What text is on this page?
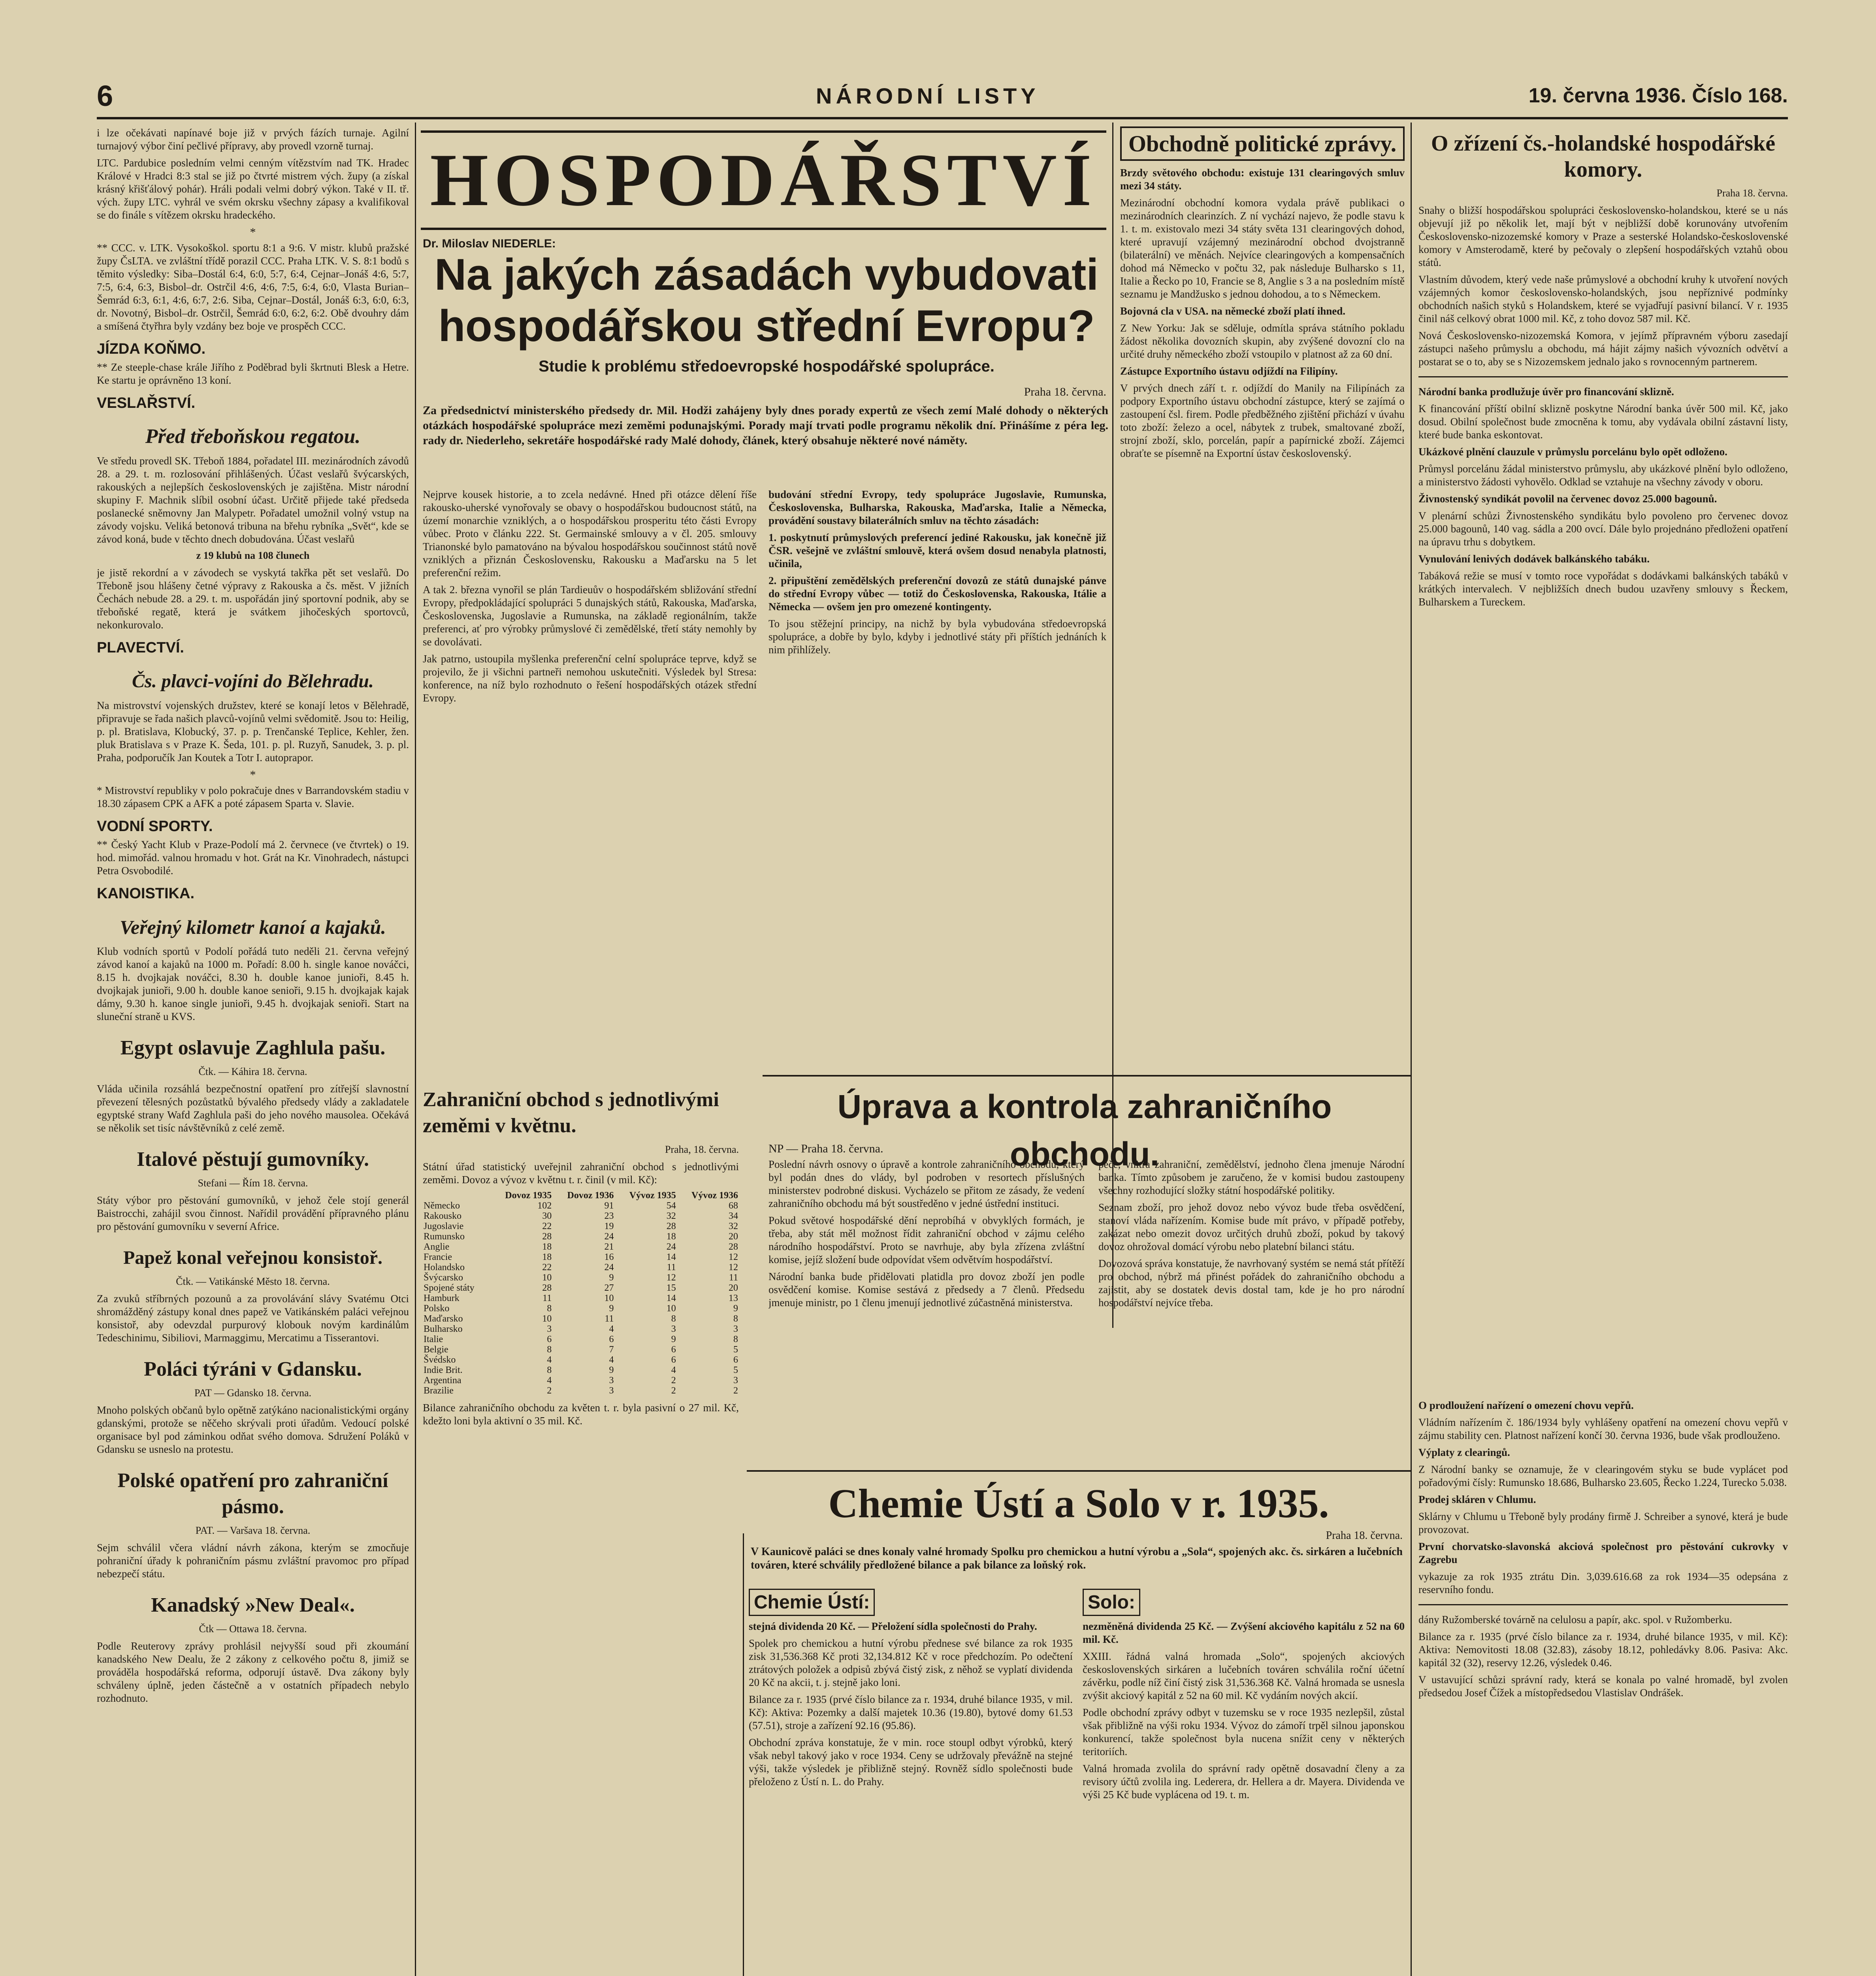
6	NÁRODNÍ LISTY	19. června 1936. Číslo 168.

i lze očekávati napínavé boje již v prvých fázích turnaje. Agilní turnajový výbor činí pečlivé přípravy, aby provedl vzorně turnaj.

LTC. Pardubice posledním velmi cenným vítězstvím nad TK. Hradec Králové v Hradci 8:3 stal se již po čtvrté mistrem vých. župy (a získal krásný křišťálový pohár). Hráli podali velmi dobrý výkon. Také v II. tř. vých. župy LTC. vyhrál ve svém okrsku všechny zápasy a kvalifikoval se do finále s vítězem okrsku hradeckého.

*

** CCC. v. LTK. Vysokoškol. sportu 8:1 a 9:6. V mistr. klubů pražské župy ČsLTA. ve zvláštní třídě porazil CCC. Praha LTK. V. S. 8:1 bodů s těmito výsledky: Siba–Dostál 6:4, 6:0, 5:7, 6:4, Cejnar–Jonáš 4:6, 5:7, 7:5, 6:4, 6:3, Bisbol–dr. Ostrčil 4:6, 4:6, 7:5, 6:4, 6:0, Vlasta Burian–Šemrád 6:3, 6:1, 4:6, 6:7, 2:6. Siba, Cejnar–Dostál, Jonáš 6:3, 6:0, 6:3, dr. Novotný, Bisbol–dr. Ostrčil, Šemrád 6:0, 6:2, 6:2. Obě dvouhry dám a smíšená čtyřhra byly vzdány bez boje ve prospěch CCC.

JÍZDA KOŇMO.

** Ze steeple-chase krále Jiřího z Poděbrad byli škrtnuti Blesk a Hetre. Ke startu je oprávněno 13 koní.

VESLAŘSTVÍ.
Před třeboňskou regatou.

Ve středu provedl SK. Třeboň 1884, pořadatel III. mezinárodních závodů 28. a 29. t. m. rozlosování přihlášených. Účast veslařů švýcarských, rakouských a nejlepších československých je zajištěna. Mistr národní skupiny F. Machnik slíbil osobní účast. Určitě přijede také předseda poslanecké sněmovny Jan Malypetr. Pořadatel umožnil volný vstup na závody vojsku. Veliká betonová tribuna na břehu rybníka „Svět“, kde se závod koná, bude v těchto dnech dobudována. Účast veslařů

z 19 klubů na 108 člunech

je jistě rekordní a v závodech se vyskytá takřka pět set veslařů. Do Třeboně jsou hlášeny četné výpravy z Rakouska a čs. měst. V jižních Čechách nebude 28. a 29. t. m. uspořádán jiný sportovní podnik, aby se třeboňské regatě, která je svátkem jihočeských sportovců, nekonkurovalo.

PLAVECTVÍ.
Čs. plavci-vojíni do Bělehradu.

Na mistrovství vojenských družstev, které se konají letos v Bělehradě, připravuje se řada našich plavců-vojínů velmi svědomitě. Jsou to: Heilig, p. pl. Bratislava, Klobucký, 37. p. p. Trenčanské Teplice, Kehler, žen. pluk Bratislava s v Praze K. Šeda, 101. p. pl. Ruzyň, Sanudek, 3. p. pl. Praha, podporučík Jan Koutek a Totr I. autoprapor.

*

* Mistrovství republiky v polo pokračuje dnes v Barrandovském stadiu v 18.30 zápasem CPK a AFK a poté zápasem Sparta v. Slavie.

VODNÍ SPORTY.

** Český Yacht Klub v Praze-Podolí má 2. červnece (ve čtvrtek) o 19. hod. mimořád. valnou hromadu v hot. Grát na Kr. Vinohradech, nástupci Petra Osvobodilé.

KANOISTIKA.
Veřejný kilometr kanoí a kajaků.

Klub vodních sportů v Podolí pořádá tuto neděli 21. června veřejný závod kanoí a kajaků na 1000 m. Pořadí: 8.00 h. single kanoe nováčci, 8.15 h. dvojkajak nováčci, 8.30 h. double kanoe junioři, 8.45 h. dvojkajak junioři, 9.00 h. double kanoe senioři, 9.15 h. dvojkajak kajak dámy, 9.30 h. kanoe single junioři, 9.45 h. dvojkajak senioři. Start na sluneční straně u KVS.

Egypt oslavuje Zaghlula pašu.
Čtk. — Káhira 18. června.

Vláda učinila rozsáhlá bezpečnostní opatření pro zítřejší slavnostní převezení tělesných pozůstatků bývalého předsedy vlády a zakladatele egyptské strany Wafd Zaghlula paši do jeho nového mausolea. Očekává se několik set tisíc návštěvníků z celé země.

Italové pěstují gumovníky.
Stefani — Řím 18. června.

Státy výbor pro pěstování gumovníků, v jehož čele stojí generál Baistrocchi, zahájil svou činnost. Nařídil provádění přípravného plánu pro pěstování gumovníku v severní Africe.

Papež konal veřejnou konsistoř.
Čtk. — Vatikánské Město 18. června.

Za zvuků stříbrných pozounů a za provolávání slávy Svatému Otci shromážděný zástupy konal dnes papež ve Vatikánském paláci veřejnou konsistoř, aby odevzdal purpurový klobouk novým kardinálům Tedeschinimu, Sibiliovi, Marmaggimu, Mercatimu a Tisserantovi.

Poláci týráni v Gdansku.
PAT — Gdansko 18. června.

Mnoho polských občanů bylo opětně zatýkáno nacionalistickými orgány gdanskými, protože se něčeho skrývali proti úřadům. Vedoucí polské organisace byl pod záminkou odňat svého domova. Sdružení Poláků v Gdansku se usneslo na protestu.

Polské opatření pro zahraniční pásmo.
PAT. — Varšava 18. června.

Sejm schválil včera vládní návrh zákona, kterým se zmocňuje pohraniční úřady k pohraničním pásmu zvláštní pravomoc pro případ nebezpečí státu.

Kanadský »New Deal«.
Čtk — Ottawa 18. června.

Podle Reuterovy zprávy prohlásil nejvyšší soud při zkoumání kanadského New Dealu, že 2 zákony z celkového počtu 8, jimiž se prováděla hospodářská reforma, odporují ústavě. Dva zákony byly schváleny úplně, jeden částečně a v ostatních případech nebylo rozhodnuto.

HOSPODÁŘSTVÍ
Dr. Miloslav NIEDERLE:
Na jakých zásadách vybudovati hospodářskou střední Evropu?
Studie k problému středoevropské hospodářské spolupráce.
Praha 18. června.
Za předsednictví ministerského předsedy dr. Mil. Hodži zahájeny byly dnes porady expertů ze všech zemí Malé dohody o některých otázkách hospodářské spolupráce mezi zeměmi podunajskými. Porady mají trvati podle programu několik dní. Přinášíme z péra leg. rady dr. Niederleho, sekretáře hospodářské rady Malé dohody, článek, který obsahuje některé nové náměty.

Nejprve kousek historie, a to zcela nedávné. Hned při otázce dělení říše rakousko-uherské vynořovaly se obavy o hospodářskou budoucnost států, na území monarchie vzniklých, a o hospodářskou prosperitu této části Evropy vůbec. Proto v článku 222. St. Germainské smlouvy a v čl. 205. smlouvy Trianonské bylo pamatováno na bývalou hospodářskou součinnost států nově vzniklých a přiznán Československu, Rakousku a Maďarsku na 5 let preferenční režim.

A tak 2. března vynořil se plán Tardieuův o hospodářském sbližování střední Evropy, předpokládající spolupráci 5 dunajských států, Rakouska, Maďarska, Československa, Jugoslavie a Rumunska, na základě regionálním, takže preferenci, ať pro výrobky průmyslové či zemědělské, třetí státy nemohly by se dovolávati.

Jak patrno, ustoupila myšlenka preferenční celní spolupráce teprve, když se projevilo, že ji všichni partneři nemohou uskutečniti. Výsledek byl Stresa: konference, na níž bylo rozhodnuto o řešení hospodářských otázek střední Evropy.

budování střední Evropy, tedy spolupráce Jugoslavie, Rumunska, Československa, Bulharska, Rakouska, Maďarska, Italie a Německa, provádění soustavy bilaterálních smluv na těchto zásadách:

1. poskytnutí průmyslových preferencí jediné Rakousku, jak konečně již ČSR. vešejně ve zvláštní smlouvě, která ovšem dosud nenabyla platnosti, učinila,

2. připuštění zemědělských preferenční dovozů ze států dunajské pánve do střední Evropy vůbec — totiž do Československa, Rakouska, Itálie a Německa — ovšem jen pro omezené kontingenty.

To jsou stěžejní principy, na nichž by byla vybudována středoevropská spolupráce, a dobře by bylo, kdyby i jednotlivé státy při příštích jednáních k nim přihlížely.

Obchodně politické zprávy.

Brzdy světového obchodu: existuje 131 clearingových smluv mezi 34 státy.

Mezinárodní obchodní komora vydala právě publikaci o mezinárodních clearinzích. Z ní vychází najevo, že podle stavu k 1. t. m. existovalo mezi 34 státy světa 131 clearingových dohod, které upravují vzájemný mezinárodní obchod dvojstranně (bilaterální) ve měnách. Nejvíce clearingových a kompensačních dohod má Německo v počtu 32, pak následuje Bulharsko s 11, Italie a Řecko po 10, Francie se 8, Anglie s 3 a na posledním místě seznamu je Mandžusko s jednou dohodou, a to s Německem.

Bojovná cla v USA. na německé zboží platí ihned.

Z New Yorku: Jak se sděluje, odmítla správa státního pokladu žádost několika dovozních skupin, aby zvýšené dovozní clo na určité druhy německého zboží vstoupilo v platnost až za 60 dní.

Zástupce Exportního ústavu odjíždí na Filipíny.

V prvých dnech září t. r. odjíždí do Manily na Filipínách za podpory Exportního ústavu obchodní zástupce, který se zajímá o zastoupení čsl. firem. Podle předběžného zjištění přichází v úvahu toto zboží: železo a ocel, nábytek z trubek, smaltované zboží, strojní zboží, sklo, porcelán, papír a papírnické zboží. Zájemci obraťte se písemně na Exportní ústav československý.

O zřízení čs.-holandské hospodářské komory.
Praha 18. června.

Snahy o bližší hospodářskou spolupráci československo-holandskou, které se u nás objevují již po několik let, mají být v nejbližší době korunovány utvořením Československo-nizozemské komory v Praze a sesterské Holandsko-československé komory v Amsterodamě, které by pečovaly o zlepšení hospodářských vztahů obou států.

Vlastním důvodem, který vede naše průmyslové a obchodní kruhy k utvoření nových vzájemných komor československo-holandských, jsou nepříznivé podmínky obchodních našich styků s Holandskem, které se vyjadřují pasivní bilancí. V r. 1935 činil náš celkový obrat 1000 mil. Kč, z toho dovoz 587 mil. Kč.

Nová Československo-nizozemská Komora, v jejímž přípravném výboru zasedají zástupci našeho průmyslu a obchodu, má hájit zájmy našich vývozních odvětví a postarat se o to, aby se s Nizozemskem jednalo jako s rovnocenným partnerem.

Národní banka prodlužuje úvěr pro financování sklizně.

K financování příští obilní sklizně poskytne Národní banka úvěr 500 mil. Kč, jako dosud. Obilní společnost bude zmocněna k tomu, aby vydávala obilní zástavní listy, které bude banka eskontovat.

Ukázkové plnění clauzule v průmyslu porcelánu bylo opět odloženo.

Průmysl porcelánu žádal ministerstvo průmyslu, aby ukázkové plnění bylo odloženo, a ministerstvo žádosti vyhovělo. Odklad se vztahuje na všechny závody v oboru.

Živnostenský syndikát povolil na červenec dovoz 25.000 bagounů.

V plenární schůzi Živnostenského syndikátu bylo povoleno pro červenec dovoz 25.000 bagounů, 140 vag. sádla a 200 ovcí. Dále bylo projednáno předloženi opatření na úpravu trhu s dobytkem.

Vynulování lenivých dodávek balkánského tabáku.

Tabáková režie se musí v tomto roce vypořádat s dodávkami balkánských tabáků v krátkých intervalech. V nejbližších dnech budou uzavřeny smlouvy s Řeckem, Bulharskem a Tureckem.

Úprava a kontrola zahraničního obchodu.
NP — Praha 18. června.

Poslední návrh osnovy o úpravě a kontrole zahraničního obchodu, který byl podán dnes do vlády, byl podroben v resortech příslušných ministerstev podrobné diskusi. Vycházelo se přitom ze zásady, že vedení zahraničního obchodu má být soustředěno v jedné ústřední instituci.

Pokud světové hospodářské dění neprobíhá v obvyklých formách, je třeba, aby stát měl možnost řídit zahraniční obchod v zájmu celého národního hospodářství. Proto se navrhuje, aby byla zřízena zvláštní komise, jejíž složení bude odpovídat všem odvětvím hospodářství.

Národní banka bude přidělovati platidla pro dovoz zboží jen podle osvědčení komise. Komise sestává z předsedy a 7 členů. Předsedu jmenuje ministr, po 1 členu jmenují jednotlivé zúčastněná ministerstva.

péče, vnitra zahraniční, zemědělství, jednoho člena jmenuje Národní banka. Tímto způsobem je zaručeno, že v komisi budou zastoupeny všechny rozhodující složky státní hospodářské politiky.

Seznam zboží, pro jehož dovoz nebo vývoz bude třeba osvědčení, stanoví vláda nařízením. Komise bude mít právo, v případě potřeby, zakázat nebo omezit dovoz určitých druhů zboží, pokud by takový dovoz ohrožoval domácí výrobu nebo platební bilanci státu.

Dovozová správa konstatuje, že navrhovaný systém se nemá stát přítěží pro obchod, nýbrž má přinést pořádek do zahraničního obchodu a zajistit, aby se dostatek devis dostal tam, kde je ho pro národní hospodářství nejvíce třeba.

Chemie Ústí a Solo v r. 1935.
Praha 18. června.
V Kaunicově paláci se dnes konaly valné hromady Spolku pro chemickou a hutní výrobu a „Sola“, spojených akc. čs. sirkáren a lučebních továren, které schválily předložené bilance a pak bilance za loňský rok.
Chemie Ústí:

stejná dividenda 20 Kč. — Přeložení sídla společnosti do Prahy.

Spolek pro chemickou a hutní výrobu přednese své bilance za rok 1935 zisk 31,536.368 Kč proti 32,134.812 Kč v roce předchozím. Po odečtení ztrátových položek a odpisů zbývá čistý zisk, z něhož se vyplatí dividenda 20 Kč na akcii, t. j. stejně jako loni.

Bilance za r. 1935 (prvé číslo bilance za r. 1934, druhé bilance 1935, v mil. Kč): Aktiva: Pozemky a další majetek 10.36 (19.80), bytové domy 61.53 (57.51), stroje a zařízení 92.16 (95.86).

Obchodní zpráva konstatuje, že v min. roce stoupl odbyt výrobků, který však nebyl takový jako v roce 1934. Ceny se udržovaly převážně na stejné výši, takže výsledek je přibližně stejný. Rovněž sídlo společnosti bude přeloženo z Ústí n. L. do Prahy.

Solo:

nezměněná dividenda 25 Kč. — Zvýšení akciového kapitálu z 52 na 60 mil. Kč.

XXIII. řádná valná hromada „Solo“, spojených akciových československých sirkáren a lučebních továren schválila roční účetní závěrku, podle níž činí čistý zisk 31,536.368 Kč. Valná hromada se usnesla zvýšit akciový kapitál z 52 na 60 mil. Kč vydáním nových akcií.

Podle obchodní zprávy odbyt v tuzemsku se v roce 1935 nezlepšil, zůstal však přibližně na výši roku 1934. Vývoz do zámoří trpěl silnou japonskou konkurencí, takže společnost byla nucena snížit ceny v některých teritoriích.

Valná hromada zvolila do správní rady opětně dosavadní členy a za revisory účtů zvolila ing. Lederera, dr. Hellera a dr. Mayera. Dividenda ve výši 25 Kč bude vyplácena od 19. t. m.

Zahraniční obchod s jednotlivými zeměmi v květnu.
Praha, 18. června.

Státní úřad statistický uveřejnil zahraniční obchod s jednotlivými zeměmi. Dovoz a vývoz v květnu t. r. činil (v mil. Kč):

	Dovoz 1935	Dovoz 1936	Vývoz 1935	Vývoz 1936
Německo	102	91	54	68
Rakousko	30	23	32	34
Jugoslavie	22	19	28	32
Rumunsko	28	24	18	20
Anglie	18	21	24	28
Francie	18	16	14	12
Holandsko	22	24	11	12
Švýcarsko	10	9	12	11
Spojené státy	28	27	15	20
Hamburk	11	10	14	13
Polsko	8	9	10	9
Maďarsko	10	11	8	8
Bulharsko	3	4	3	3
Italie	6	6	9	8
Belgie	8	7	6	5
Švédsko	4	4	6	6
Indie Brit.	8	9	4	5
Argentina	4	3	2	3
Brazilie	2	3	2	2

Bilance zahraničního obchodu za květen t. r. byla pasivní o 27 mil. Kč, kdežto loni byla aktivní o 35 mil. Kč.

O prodloužení nařízení o omezení chovu vepřů.

Vládním nařízením č. 186/1934 byly vyhlášeny opatření na omezení chovu vepřů v zájmu stability cen. Platnost nařízení končí 30. června 1936, bude však prodlouženo.

Výplaty z clearingů.

Z Národní banky se oznamuje, že v clearingovém styku se bude vyplácet pod pořadovými čísly: Rumunsko 18.686, Bulharsko 23.605, Řecko 1.224, Turecko 5.038.

Prodej skláren v Chlumu.

Sklárny v Chlumu u Třeboně byly prodány firmě J. Schreiber a synové, která je bude provozovat.

První chorvatsko-slavonská akciová společnost pro pěstování cukrovky v Zagrebu

vykazuje za rok 1935 ztrátu Din. 3,039.616.68 za rok 1934—35 odepsána z reservního fondu.

dány Ružomberské továrně na celulosu a papír, akc. spol. v Ružomberku.

Bilance za r. 1935 (prvé číslo bilance za r. 1934, druhé bilance 1935, v mil. Kč): Aktiva: Nemovitosti 18.08 (32.83), zásoby 18.12, pohledávky 8.06. Pasiva: Akc. kapitál 32 (32), reservy 12.26, výsledek 0.46.

V ustavující schůzi správní rady, která se konala po valné hromadě, byl zvolen předsedou Josef Čížek a místopředsedou Vlastislav Ondrášek.
